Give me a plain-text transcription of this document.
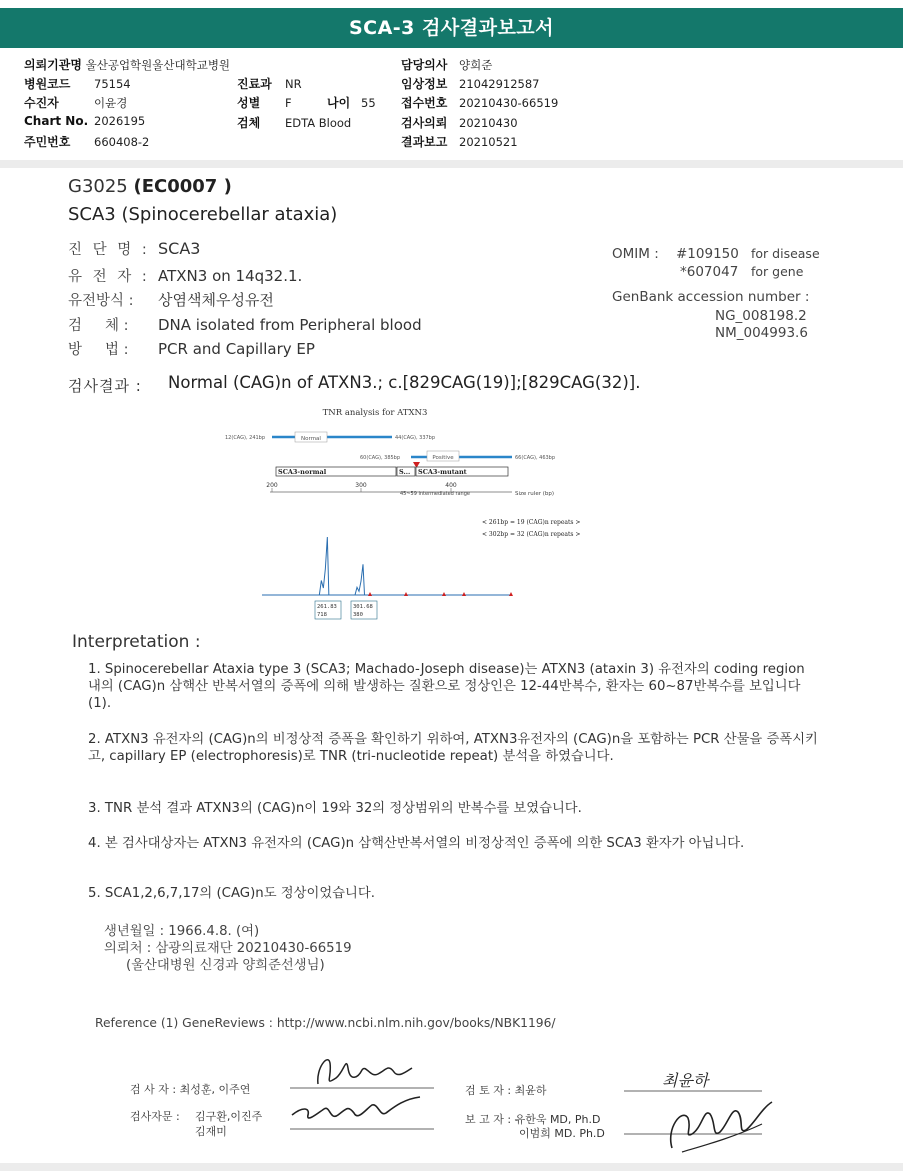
SCA-3 검사결과보고서
의뢰기관명 울산공업학원울산대학교병원
병원코드 75154
수진자	이윤경
Chart No. 2026195
주민번호 660408-2
진료과 NR
성별 F	나이 55
검체 EDTA Blood
담당의사 양희준
임상정보 21042912587
접수번호 20210430-66519
검사의뢰 20210430
결과보고 20210521
G3025 (EC0007 )
SCA3 (Spinocerebellar ataxia)
진 단 명 : SCA3
유 전 자 : ATXN3 on 14q32.1.
유전방식 : 상염색체우성유전
검     체 : DNA isolated from Peripheral blood
방     법 : PCR and Capillary EP
OMIM : #109150 for disease
*607047 for gene
GenBank accession number :
NG_008198.2
NM_004993.6
검사결과 : Normal (CAG)n of ATXN3.; c.[829CAG(19)];[829CAG(32)].
TNR analysis for ATXN3
12(CAG), 241bp	Normal	44(CAG), 337bp
60(CAG), 385bp	Positive	66(CAG), 463bp
SCA3-normal	S... SCA3-mutant
200	300	400
Size ruler (bp)
45~59 intermediated range
< 261bp = 19 (CAG)n repeats >
< 302bp = 32 (CAG)n repeats >
261.83
718
301.68
380
Interpretation :
1. Spinocerebellar Ataxia type 3 (SCA3; Machado-Joseph disease)는 ATXN3 (ataxin 3) 유전자의 coding region 내의 (CAG)n 삼핵산 반복서열의 증폭에 의해 발생하는 질환으로 정상인은 12-44반복수, 환자는 60~87반복수를 보입니다 (1).
2. ATXN3 유전자의 (CAG)n의 비정상적 증폭을 확인하기 위하여, ATXN3유전자의 (CAG)n을 포함하는 PCR 산물을 증폭시키고, capillary EP (electrophoresis)로 TNR (tri-nucleotide repeat) 분석을 하였습니다.
3. TNR 분석 결과 ATXN3의 (CAG)n이 19와 32의 정상범위의 반복수를 보였습니다.
4. 본 검사대상자는 ATXN3 유전자의 (CAG)n 삼핵산반복서열의 비정상적인 증폭에 의한 SCA3 환자가 아닙니다.
5. SCA1,2,6,7,17의 (CAG)n도 정상이었습니다.
생년월일 : 1966.4.8. (여)
의뢰처 : 삼광의료재단 20210430-66519
(울산대병원 신경과 양희준선생님)
Reference (1) GeneReviews : http://www.ncbi.nlm.nih.gov/books/NBK1196/
검 사 자 : 최성훈, 이주연
검사자문 : 김구환,이진주
김재미
검 토 자 : 최윤하
최윤하
보 고 자 : 유한욱 MD, Ph.D
이범희 MD. Ph.D
